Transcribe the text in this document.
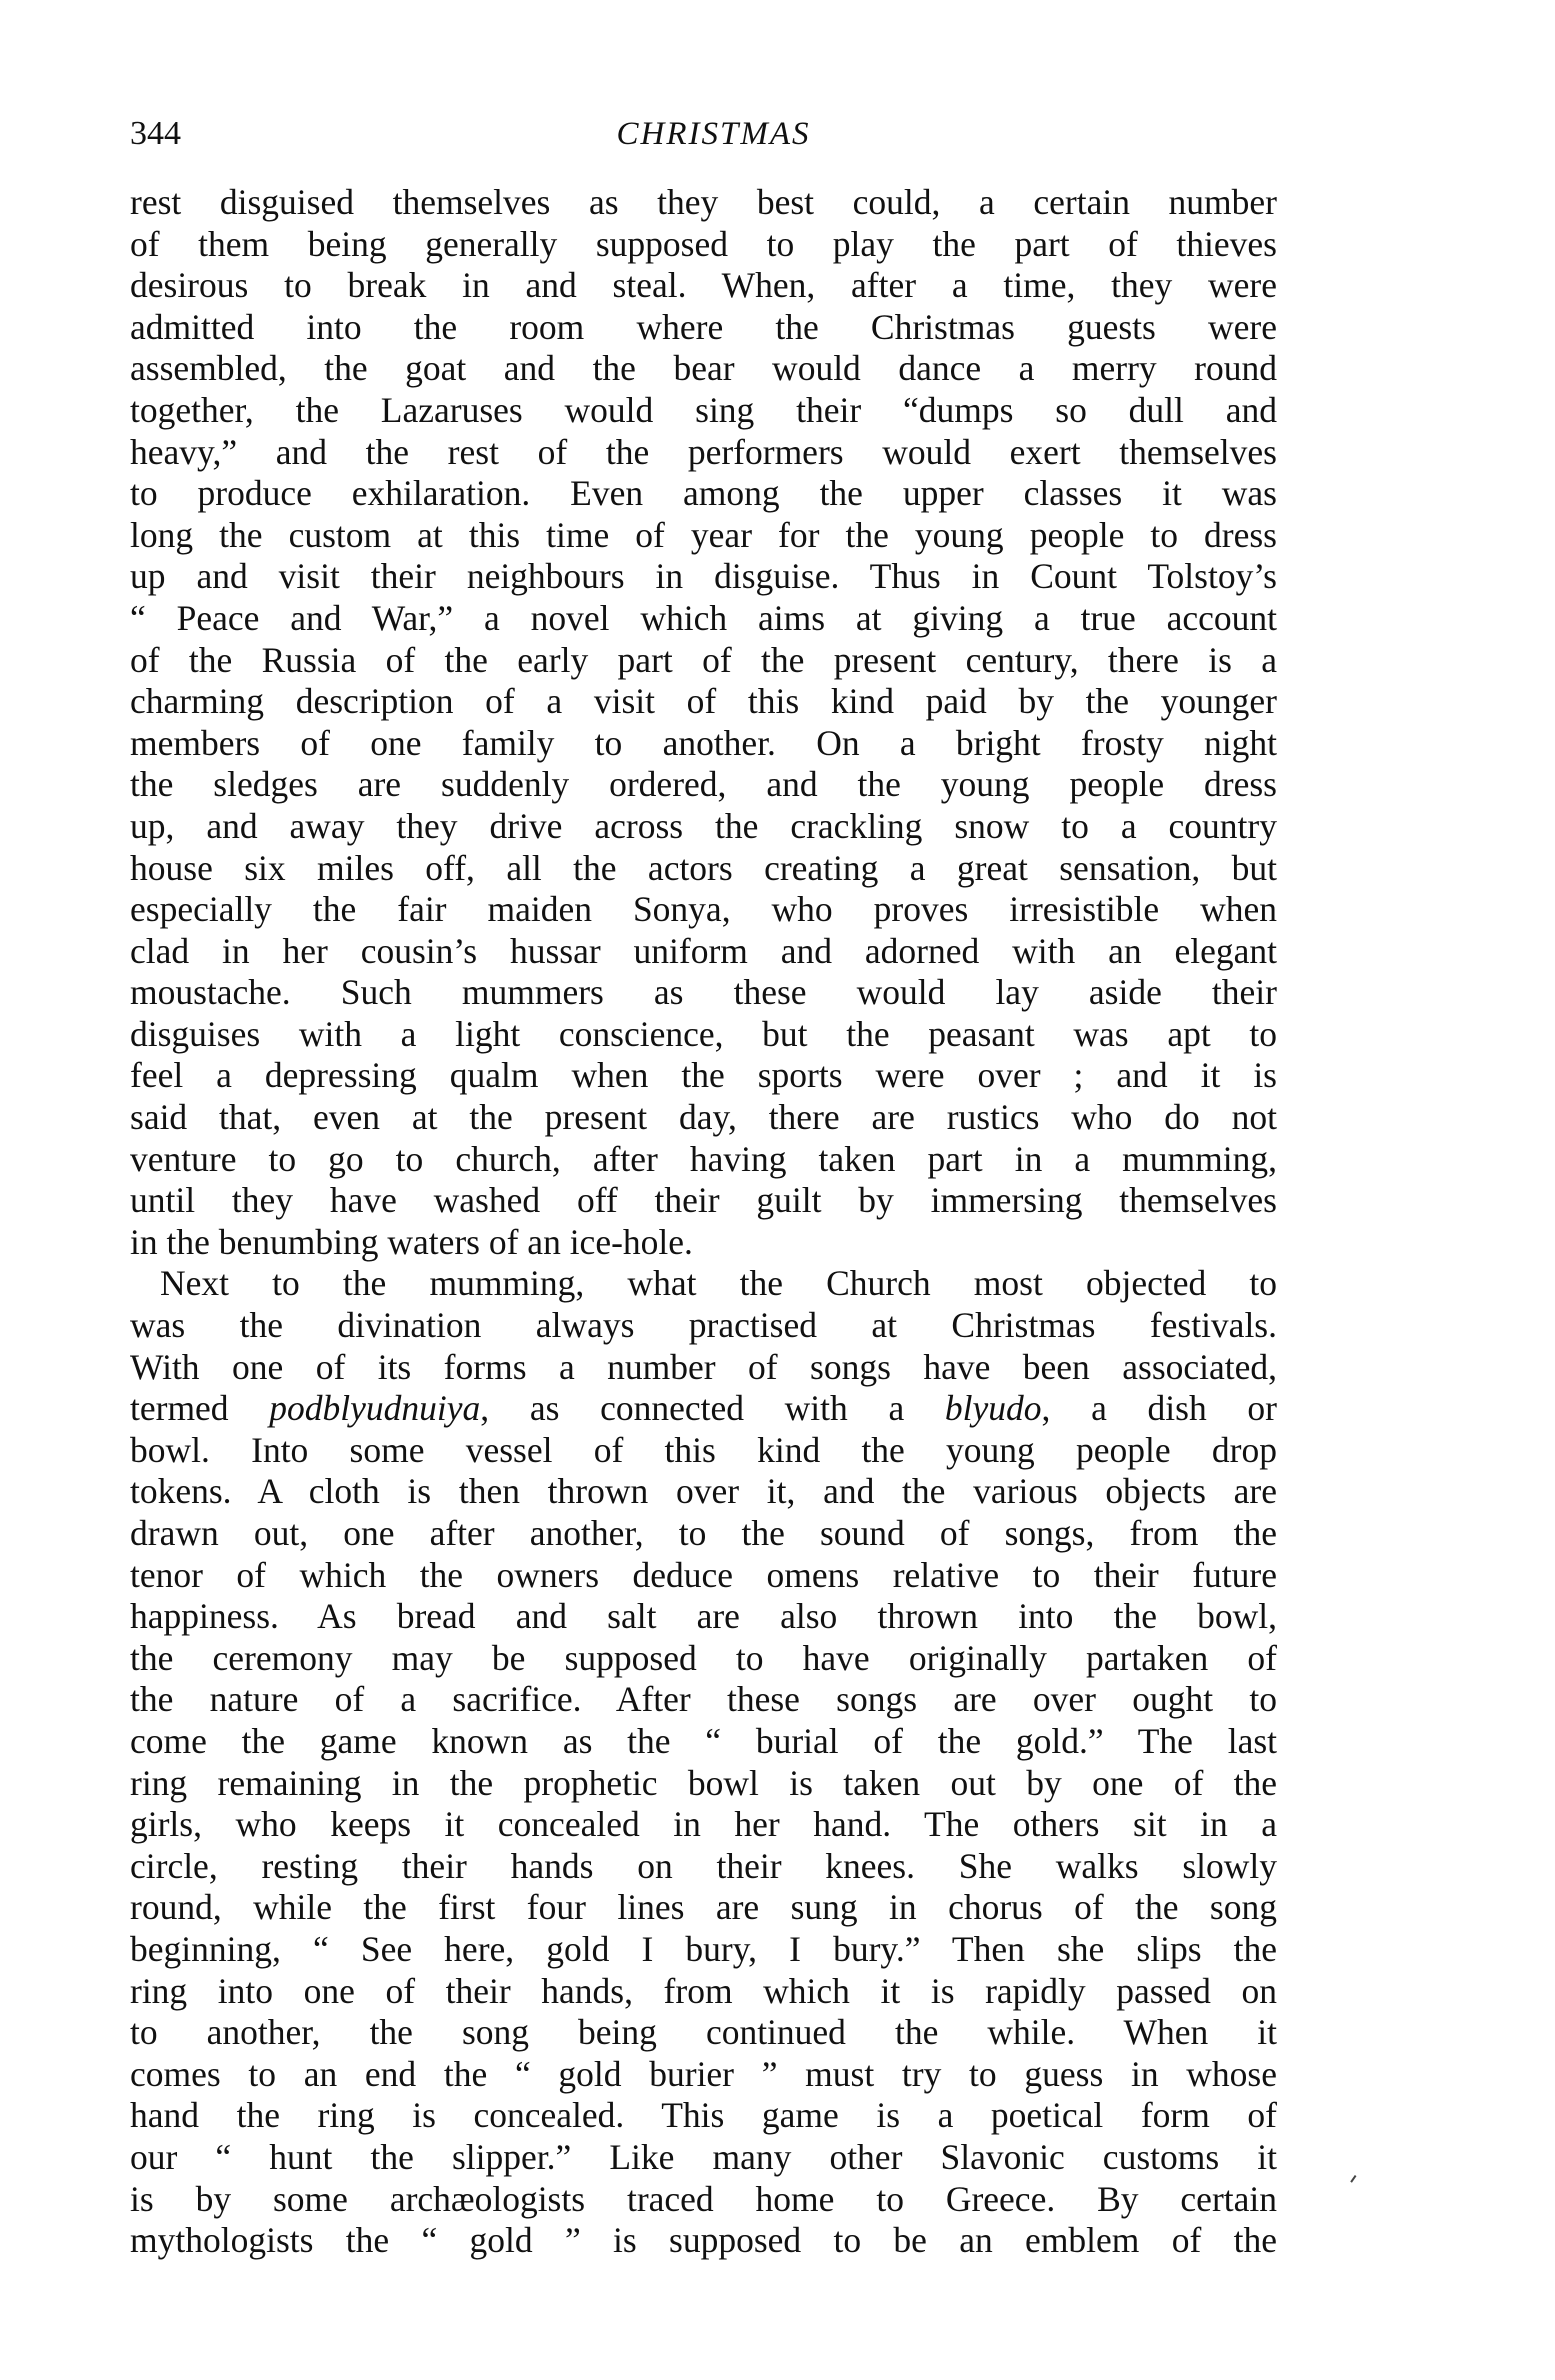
344	CHRISTMAS
rest disguised themselves as they best could, a certain number
of them being generally supposed to play the part of thieves
desirous to break in and steal. When, after a time, they were
admitted into the room where the Christmas guests were
assembled, the goat and the bear would dance a merry round
together, the Lazaruses would sing their “dumps so dull and
heavy,” and the rest of the performers would exert themselves
to produce exhilaration. Even among the upper classes it was
long the custom at this time of year for the young people to dress
up and visit their neighbours in disguise. Thus in Count Tolstoy’s
“ Peace and War,” a novel which aims at giving a true account
of the Russia of the early part of the present century, there is a
charming description of a visit of this kind paid by the younger
members of one family to another. On a bright frosty night
the sledges are suddenly ordered, and the young people dress
up, and away they drive across the crackling snow to a country
house six miles off, all the actors creating a great sensation, but
especially the fair maiden Sonya, who proves irresistible when
clad in her cousin’s hussar uniform and adorned with an elegant
moustache. Such mummers as these would lay aside their
disguises with a light conscience, but the peasant was apt to
feel a depressing qualm when the sports were over ; and it is
said that, even at the present day, there are rustics who do not
venture to go to church, after having taken part in a mumming,
until they have washed off their guilt by immersing themselves
in the benumbing waters of an ice-hole.
Next to the mumming, what the Church most objected to
was the divination always practised at Christmas festivals.
With one of its forms a number of songs have been associated,
termed podblyudnuiya, as connected with a blyudo, a dish or
bowl. Into some vessel of this kind the young people drop
tokens. A cloth is then thrown over it, and the various objects are
drawn out, one after another, to the sound of songs, from the
tenor of which the owners deduce omens relative to their future
happiness. As bread and salt are also thrown into the bowl,
the ceremony may be supposed to have originally partaken of
the nature of a sacrifice. After these songs are over ought to
come the game known as the “ burial of the gold.” The last
ring remaining in the prophetic bowl is taken out by one of the
girls, who keeps it concealed in her hand. The others sit in a
circle, resting their hands on their knees. She walks slowly
round, while the first four lines are sung in chorus of the song
beginning, “ See here, gold I bury, I bury.” Then she slips the
ring into one of their hands, from which it is rapidly passed on
to another, the song being continued the while. When it
comes to an end the “ gold burier ” must try to guess in whose
hand the ring is concealed. This game is a poetical form of
our “ hunt the slipper.” Like many other Slavonic customs it
is by some archæologists traced home to Greece. By certain
mythologists the “ gold ” is supposed to be an emblem of the
